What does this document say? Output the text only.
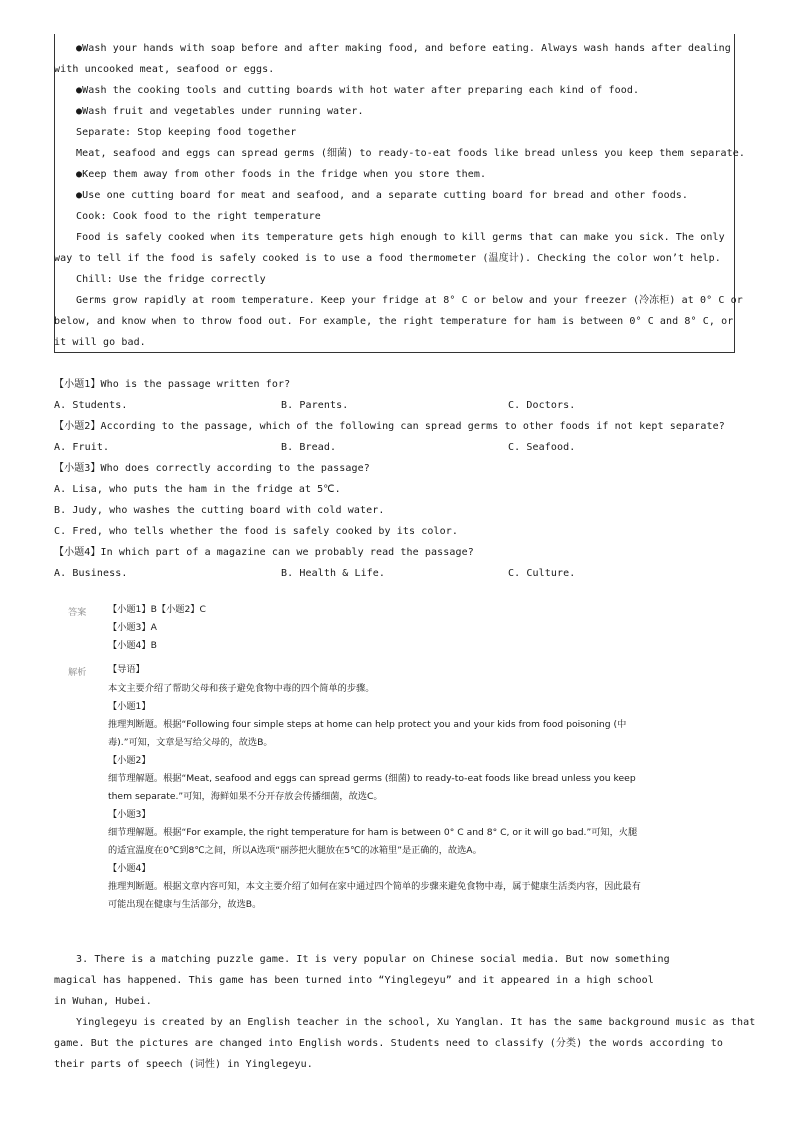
●Wash your hands with soap before and after making food, and before eating. Always wash hands after dealing
with uncooked meat, seafood or eggs.
●Wash the cooking tools and cutting boards with hot water after preparing each kind of food.
●Wash fruit and vegetables under running water.
Separate: Stop keeping food together
Meat, seafood and eggs can spread germs (细菌) to ready-to-eat foods like bread unless you keep them separate.
●Keep them away from other foods in the fridge when you store them.
●Use one cutting board for meat and seafood, and a separate cutting board for bread and other foods.
Cook: Cook food to the right temperature
Food is safely cooked when its temperature gets high enough to kill germs that can make you sick. The only
way to tell if the food is safely cooked is to use a food thermometer (温度计). Checking the color won’t help.
Chill: Use the fridge correctly
Germs grow rapidly at room temperature. Keep your fridge at 8° C or below and your freezer (冷冻柜) at 0° C or
below, and know when to throw food out. For example, the right temperature for ham is between 0° C and 8° C, or
it will go bad.
【小题1】Who is the passage written for?
A. Students.	B. Parents.	C. Doctors.
【小题2】According to the passage, which of the following can spread germs to other foods if not kept separate?
A. Fruit.	B. Bread.	C. Seafood.
【小题3】Who does correctly according to the passage?
A. Lisa, who puts the ham in the fridge at 5℃.
B. Judy, who washes the cutting board with cold water.
C. Fred, who tells whether the food is safely cooked by its color.
【小题4】In which part of a magazine can we probably read the passage?
A. Business.	B. Health & Life.	C. Culture.
答案 【小题1】B【小题2】C
【小题3】A
【小题4】B
解析 【导语】
本文主要介绍了帮助父母和孩子避免食物中毒的四个简单的步骤。
【小题1】
推理判断题。根据“Following four simple steps at home can help protect you and your kids from food poisoning (中
毒).”可知，文章是写给父母的，故选B。
【小题2】
细节理解题。根据“Meat, seafood and eggs can spread germs (细菌) to ready-to-eat foods like bread unless you keep
them separate.”可知，海鲜如果不分开存放会传播细菌，故选C。
【小题3】
细节理解题。根据“For example, the right temperature for ham is between 0° C and 8° C, or it will go bad.”可知，火腿
的适宜温度在0℃到8℃之间，所以A选项“丽莎把火腿放在5℃的冰箱里”是正确的，故选A。
【小题4】
推理判断题。根据文章内容可知，本文主要介绍了如何在家中通过四个简单的步骤来避免食物中毒，属于健康生活类内容，因此最有
可能出现在健康与生活部分，故选B。
3. There is a matching puzzle game. It is very popular on Chinese social media. But now something
magical has happened. This game has been turned into “Yinglegeyu” and it appeared in a high school
in Wuhan, Hubei.
Yinglegeyu is created by an English teacher in the school, Xu Yanglan. It has the same background music as that
game. But the pictures are changed into English words. Students need to classify (分类) the words according to
their parts of speech (词性) in Yinglegeyu.
